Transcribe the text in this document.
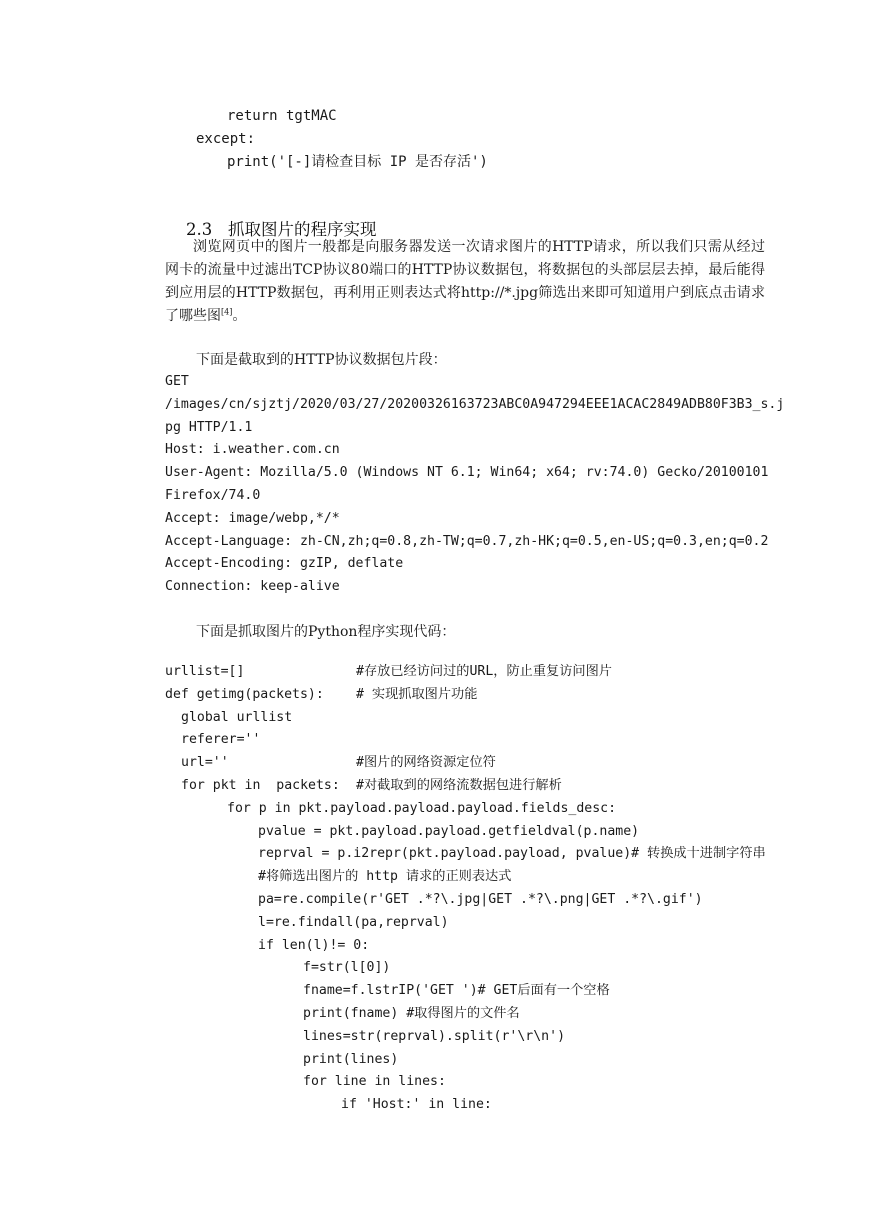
return tgtMAC
except:
print('[-]请检查目标 IP 是否存活')

2.3 抓取图片的程序实现

浏览网页中的图片一般都是向服务器发送一次请求图片的HTTP请求，所以我们只需从经过网卡的流量中过滤出TCP协议80端口的HTTP协议数据包，将数据包的头部层层去掉，最后能得到应用层的HTTP数据包，再利用正则表达式将http://*.jpg筛选出来即可知道用户到底点击请求了哪些图[4]。
下面是截取到的HTTP协议数据包片段：
GET
/images/cn/sjztj/2020/03/27/20200326163723ABC0A947294EEE1ACAC2849ADB80F3B3_s.j
pg HTTP/1.1
Host: i.weather.com.cn
User-Agent: Mozilla/5.0 (Windows NT 6.1; Win64; x64; rv:74.0) Gecko/20100101
Firefox/74.0
Accept: image/webp,*/*
Accept-Language: zh-CN,zh;q=0.8,zh-TW;q=0.7,zh-HK;q=0.5,en-US;q=0.3,en;q=0.2
Accept-Encoding: gzIP, deflate
Connection: keep-alive
下面是抓取图片的Python程序实现代码：
urllist=[]	#存放已经访问过的URL，防止重复访问图片
def getimg(packets): # 实现抓取图片功能
global urllist
referer=''
url=''	#图片的网络资源定位符
for pkt in  packets: #对截取到的网络流数据包进行解析
for p in pkt.payload.payload.payload.fields_desc:
pvalue = pkt.payload.payload.getfieldval(p.name)
reprval = p.i2repr(pkt.payload.payload, pvalue)# 转换成十进制字符串
#将筛选出图片的 http 请求的正则表达式
pa=re.compile(r'GET .*?\.jpg|GET .*?\.png|GET .*?\.gif')
l=re.findall(pa,reprval)
if len(l)!= 0:
f=str(l[0])
fname=f.lstrIP('GET ')# GET后面有一个空格
print(fname) #取得图片的文件名
lines=str(reprval).split(r'\r\n')
print(lines)
for line in lines:
if 'Host:' in line:
